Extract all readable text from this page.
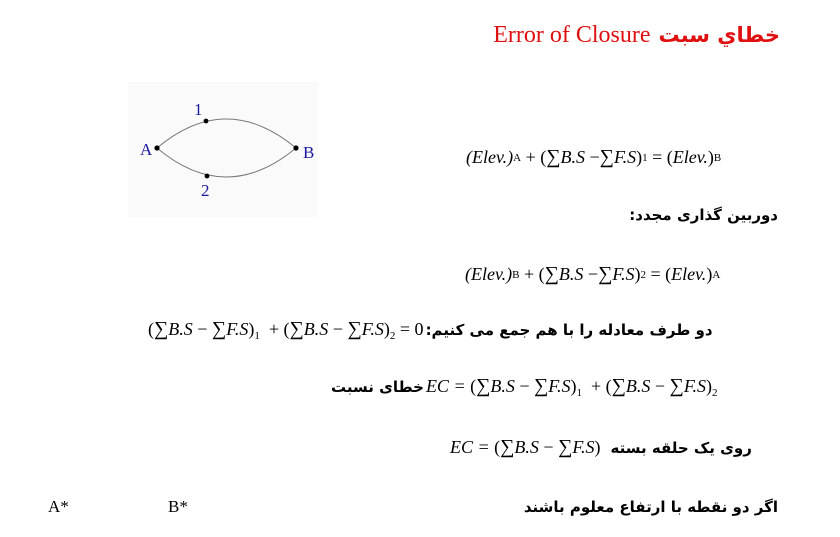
Error of Closure خطاي سبت
A	B
1
2
(Elev.) A + ( ∑ B.S − ∑ F.S ) 1 = ( Elev. ) B
دوربین گذاری مجدد:
(Elev.) B + ( ∑ B.S − ∑ F.S ) 2 = ( Elev. ) A
$(\sum B.S - \sum F.S)_1 + (\sum B.S - \sum F.S)_2 = 0$ دو طرف معادله را با هم جمع می کنیم:
خطای نسبت EC = $(\sum B.S - \sum F.S)_1 + (\sum B.S - \sum F.S)_2$
EC = (∑B.S − ∑F.S) روی یک حلقه بسته
A*	B*	اگر دو نقطه با ارتفاع معلوم باشند
